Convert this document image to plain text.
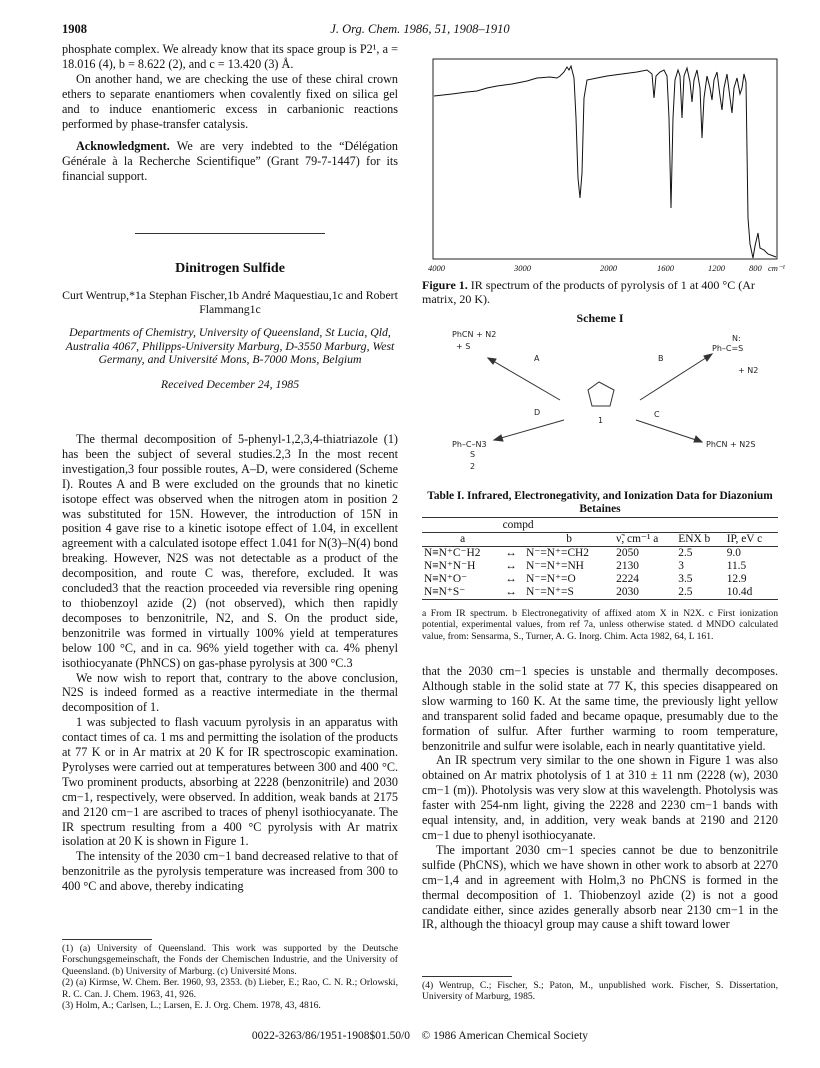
1908	J. Org. Chem. 1986, 51, 1908–1910

phosphate complex. We already know that its space group is P2¹, a = 18.016 (4), b = 8.622 (2), and c = 13.420 (3) Å.

On another hand, we are checking the use of these chiral crown ethers to separate enantiomers when covalently fixed on silica gel and to induce enantiomeric excess in carbanionic reactions performed by phase-transfer catalysis.

Acknowledgment. We are very indebted to the “Délégation Générale à la Recherche Scientifique” (Grant 79-7-1447) for its financial support.

Dinitrogen Sulfide
Curt Wentrup,*1a Stephan Fischer,1b André Maquestiau,1c and Robert Flammang1c
Departments of Chemistry, University of Queensland, St Lucia, Qld, Australia 4067, Philipps-University Marburg, D-3550 Marburg, West Germany, and Université Mons, B-7000 Mons, Belgium
Received December 24, 1985

The thermal decomposition of 5-phenyl-1,2,3,4-thiatriazole (1) has been the subject of several studies.2,3 In the most recent investigation,3 four possible routes, A–D, were considered (Scheme I). Routes A and B were excluded on the grounds that no kinetic isotope effect was observed when the nitrogen atom in position 2 was substituted for 15N. However, the introduction of 15N in position 4 gave rise to a kinetic isotope effect of 1.04, in excellent agreement with a calculated isotope effect 1.041 for N(3)–N(4) bond breaking. However, N2S was not detectable as a product of the decomposition, and route C was, therefore, excluded. It was concluded3 that the reaction proceeded via reversible ring opening to thiobenzoyl azide (2) (not observed), which then rapidly decomposes to benzonitrile, N2, and S. On the product side, benzonitrile was formed in virtually 100% yield at temperatures below 100 °C, and in ca. 96% yield together with ca. 4% phenyl isothiocyanate (PhNCS) on gas-phase pyrolysis at 300 °C.3

We now wish to report that, contrary to the above conclusion, N2S is indeed formed as a reactive intermediate in the thermal decomposition of 1.

1 was subjected to flash vacuum pyrolysis in an apparatus with contact times of ca. 1 ms and permitting the isolation of the products at 77 K or in Ar matrix at 20 K for IR spectroscopic examination. Pyrolyses were carried out at temperatures between 300 and 400 °C. Two prominent products, absorbing at 2228 (benzonitrile) and 2030 cm−1, respectively, were observed. In addition, weak bands at 2175 and 2120 cm−1 are ascribed to traces of phenyl isothiocyanate. The IR spectrum resulting from a 400 °C pyrolysis with Ar matrix isolation at 20 K is shown in Figure 1.

The intensity of the 2030 cm−1 band decreased relative to that of benzonitrile as the pyrolysis temperature was increased from 300 to 400 °C and above, thereby indicating

(1) (a) University of Queensland. This work was supported by the Deutsche Forschungsgemeinschaft, the Fonds der Chemischen Industrie, and the University of Queensland. (b) University of Marburg. (c) Université Mons.

(2) (a) Kirmse, W. Chem. Ber. 1960, 93, 2353. (b) Lieber, E.; Rao, C. N. R.; Orlowski, R. C. Can. J. Chem. 1963, 41, 926.

(3) Holm, A.; Carlsen, L.; Larsen, E. J. Org. Chem. 1978, 43, 4816.

4000	3000	2000	1600	1200	800 cm⁻¹
Figure 1. IR spectrum of the products of pyrolysis of 1 at 400 °C (Ar matrix, 20 K).
Scheme I
PhCN + N2
+ S
N:
Ph–C=S
+ N2
Ph–C–N3
S
2
PhCN + N2S
1
A	B
C
D
Table I. Infrared, Electronegativity, and Ionization Data for Diazonium Betaines
compd					
a		b	ν̃, cm⁻¹ a	ENX b	IP, eV c
N≡N⁺C⁻H2	↔	N⁻=N⁺=CH2	2050	2.5	9.0
N≡N⁺N⁻H	↔	N⁻=N⁺=NH	2130	3	11.5
N≡N⁺O⁻	↔	N⁻=N⁺=O	2224	3.5	12.9
N≡N⁺S⁻	↔	N⁻=N⁺=S	2030	2.5	10.4d
a From IR spectrum. b Electronegativity of affixed atom X in N2X. c First ionization potential, experimental values, from ref 7a, unless otherwise stated. d MNDO calculated value, from: Sensarma, S., Turner, A. G. Inorg. Chim. Acta 1982, 64, L 161.

that the 2030 cm−1 species is unstable and thermally decomposes. Although stable in the solid state at 77 K, this species disappeared on slow warming to 160 K. At the same time, the previously light yellow and transparent solid faded and became opaque, presumably due to the formation of sulfur. After further warming to room temperature, benzonitrile and sulfur were isolable, each in nearly quantitative yield.

An IR spectrum very similar to the one shown in Figure 1 was also obtained on Ar matrix photolysis of 1 at 310 ± 11 nm (2228 (w), 2030 cm−1 (m)). Photolysis was very slow at this wavelength. Photolysis was faster with 254-nm light, giving the 2228 and 2230 cm−1 bands with equal intensity, and, in addition, very weak bands at 2190 and 2120 cm−1 due to phenyl isothiocyanate.

The important 2030 cm−1 species cannot be due to benzonitrile sulfide (PhCNS), which we have shown in other work to absorb at 2270 cm−1,4 and in agreement with Holm,3 no PhCNS is formed in the thermal decomposition of 1. Thiobenzoyl azide (2) is not a good candidate either, since azides generally absorb near 2130 cm−1 in the IR, although the thioacyl group may cause a shift toward lower

(4) Wentrup, C.; Fischer, S.; Paton, M., unpublished work. Fischer, S. Dissertation, University of Marburg, 1985.
0022-3263/86/1951-1908$01.50/0 © 1986 American Chemical Society
